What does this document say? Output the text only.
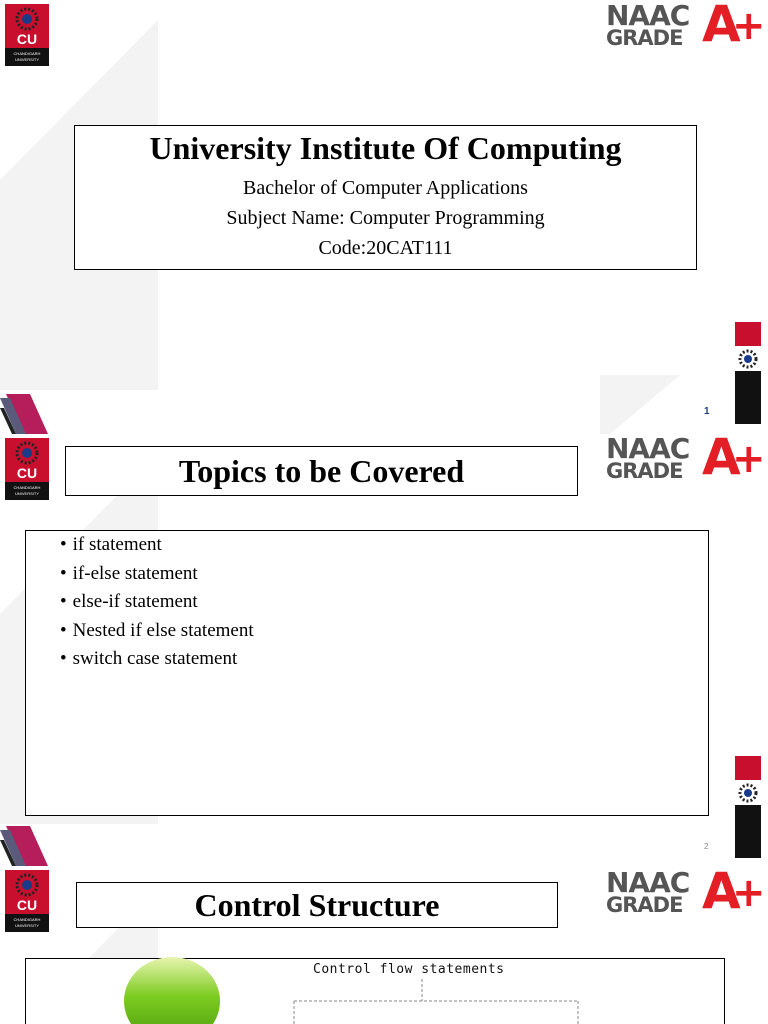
CU
CHANDIGARH
UNIVERSITY
NAAC
GRADE A
+
University Institute Of Computing
Bachelor of Computer Applications
Subject Name: Computer Programming
Code:20CAT111
1
CU
CHANDIGARH
UNIVERSITY
NAAC
GRADE A
+
Topics to be Covered
• if statement
• if-else statement
• else-if statement
• Nested if else statement
• switch case statement
2
CU
CHANDIGARH
UNIVERSITY
NAAC
GRADE A
+
Control Structure
Control flow statements
